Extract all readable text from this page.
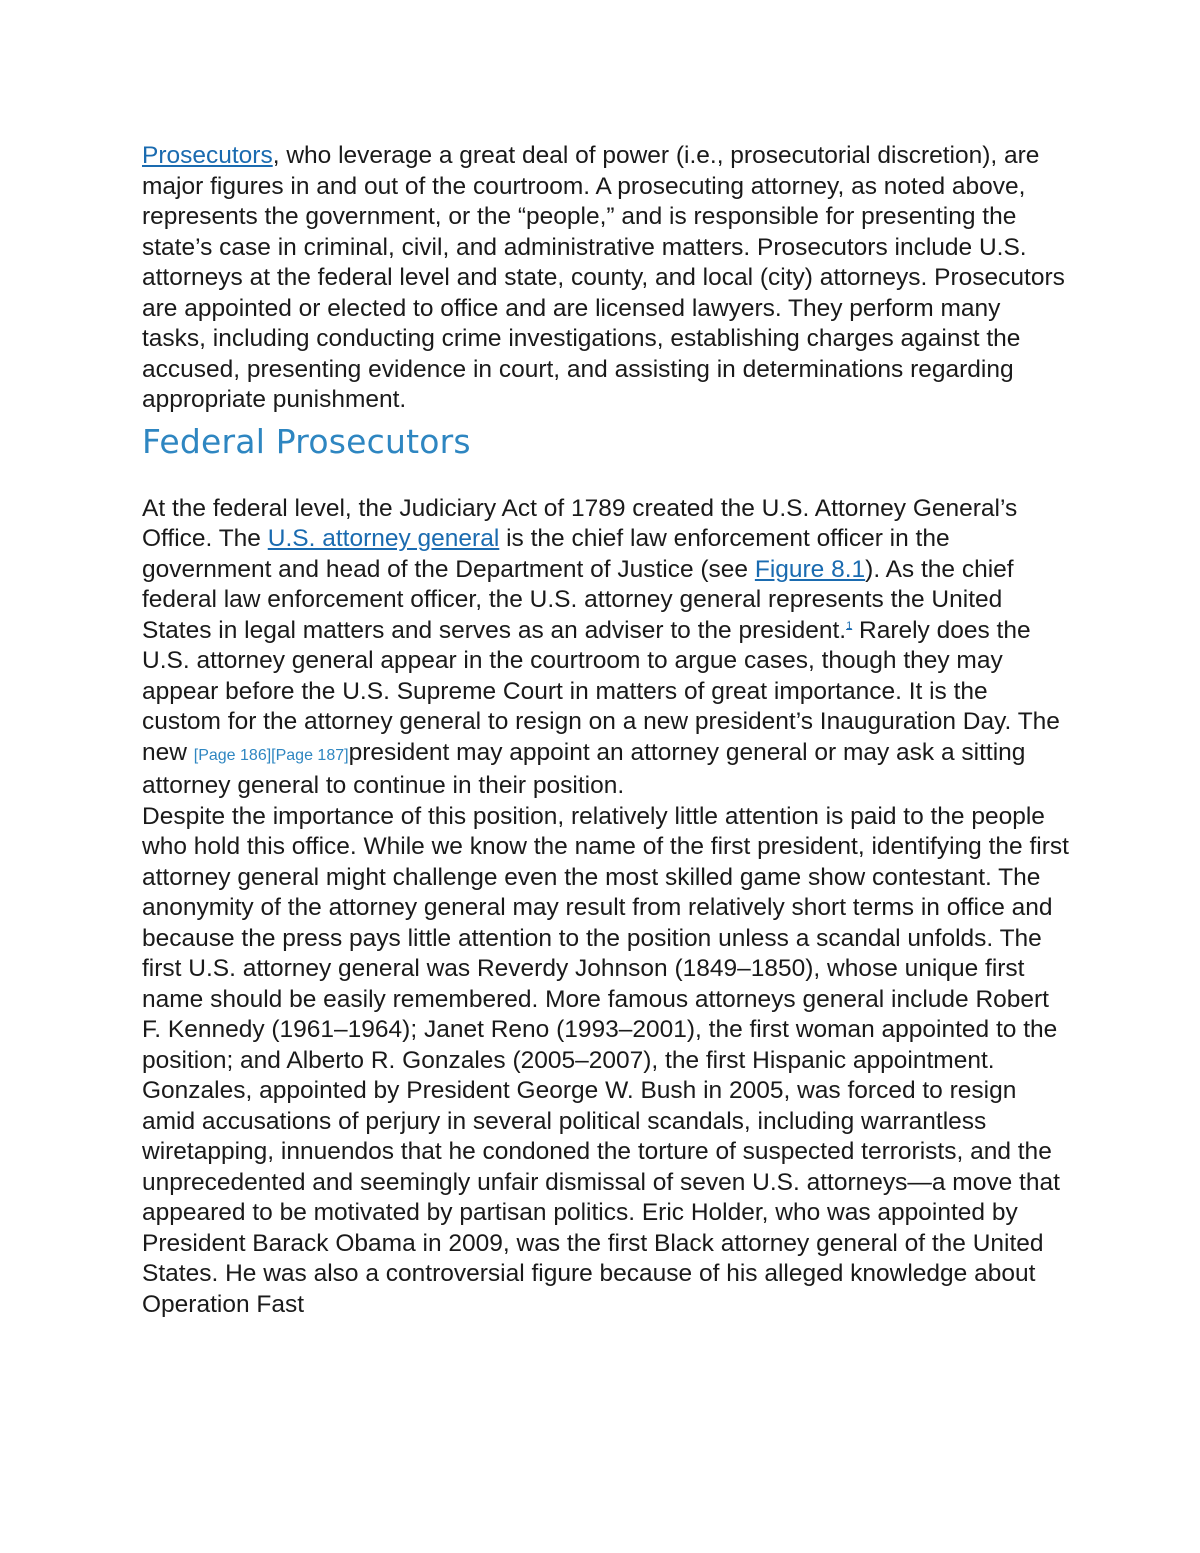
Prosecutors, who leverage a great deal of power (i.e., prosecutorial discretion), are major figures in and out of the courtroom. A prosecuting attorney, as noted above, represents the government, or the “people,” and is responsible for presenting the state’s case in criminal, civil, and administrative matters. Prosecutors include U.S. attorneys at the federal level and state, county, and local (city) attorneys. Prosecutors are appointed or elected to office and are licensed lawyers. They perform many tasks, including conducting crime investigations, establishing charges against the accused, presenting evidence in court, and assisting in determinations regarding appropriate punishment.

Federal Prosecutors

At the federal level, the Judiciary Act of 1789 created the U.S. Attorney General’s Office. The U.S. attorney general is the chief law enforcement officer in the government and head of the Department of Justice (see Figure 8.1). As the chief federal law enforcement officer, the U.S. attorney general represents the United States in legal matters and serves as an adviser to the president.$^1$ Rarely does the U.S. attorney general appear in the courtroom to argue cases, though they may appear before the U.S. Supreme Court in matters of great importance. It is the custom for the attorney general to resign on a new president’s Inauguration Day. The new [Page 186][Page 187]president may appoint an attorney general or may ask a sitting attorney general to continue in their position.

Despite the importance of this position, relatively little attention is paid to the people who hold this office. While we know the name of the first president, identifying the first attorney general might challenge even the most skilled game show contestant. The anonymity of the attorney general may result from relatively short terms in office and because the press pays little attention to the position unless a scandal unfolds. The first U.S. attorney general was Reverdy Johnson (1849–1850), whose unique first name should be easily remembered. More famous attorneys general include Robert F. Kennedy (1961–1964); Janet Reno (1993–2001), the first woman appointed to the position; and Alberto R. Gonzales (2005–2007), the first Hispanic appointment. Gonzales, appointed by President George W. Bush in 2005, was forced to resign amid accusations of perjury in several political scandals, including warrantless wiretapping, innuendos that he condoned the torture of suspected terrorists, and the unprecedented and seemingly unfair dismissal of seven U.S. attorneys—a move that appeared to be motivated by partisan politics. Eric Holder, who was appointed by President Barack Obama in 2009, was the first Black attorney general of the United States. He was also a controversial figure because of his alleged knowledge about Operation Fast
